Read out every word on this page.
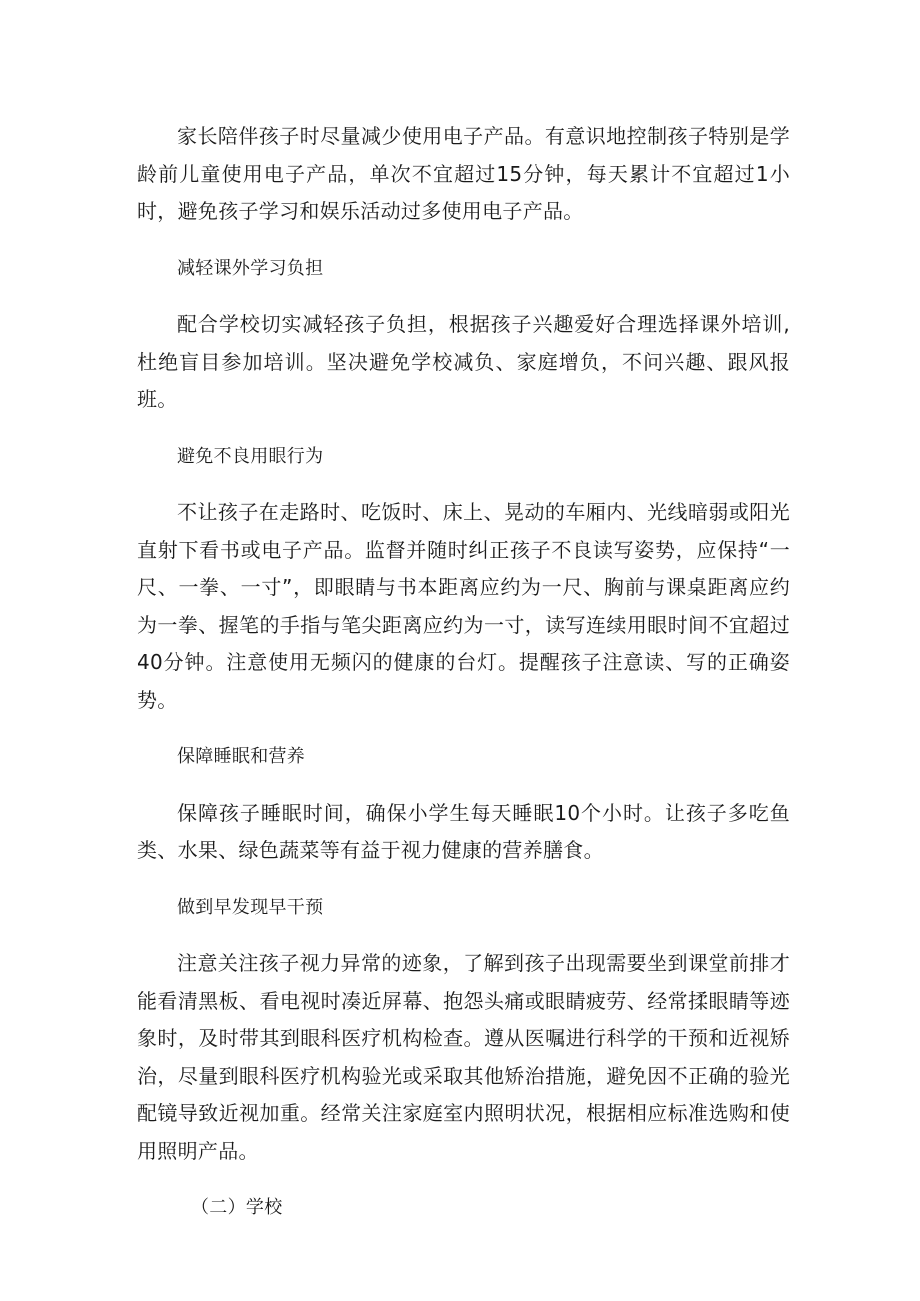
家长陪伴孩子时尽量减少使用电子产品。有意识地控制孩子特别是学龄前儿童使用电子产品，单次不宜超过15分钟，每天累计不宜超过1小时，避免孩子学习和娱乐活动过多使用电子产品。

减轻课外学习负担

配合学校切实减轻孩子负担，根据孩子兴趣爱好合理选择课外培训,杜绝盲目参加培训。坚决避免学校减负、家庭增负，不问兴趣、跟风报班。

避免不良用眼行为

不让孩子在走路时、吃饭时、床上、晃动的车厢内、光线暗弱或阳光直射下看书或电子产品。监督并随时纠正孩子不良读写姿势，应保持“一尺、一拳、一寸”，即眼睛与书本距离应约为一尺、胸前与课桌距离应约为一拳、握笔的手指与笔尖距离应约为一寸，读写连续用眼时间不宜超过40分钟。注意使用无频闪的健康的台灯。提醒孩子注意读、写的正确姿势。

保障睡眠和营养

保障孩子睡眠时间，确保小学生每天睡眠10个小时。让孩子多吃鱼类、水果、绿色蔬菜等有益于视力健康的营养膳食。

做到早发现早干预

注意关注孩子视力异常的迹象，了解到孩子出现需要坐到课堂前排才能看清黑板、看电视时凑近屏幕、抱怨头痛或眼睛疲劳、经常揉眼睛等迹象时，及时带其到眼科医疗机构检查。遵从医嘱进行科学的干预和近视矫治，尽量到眼科医疗机构验光或采取其他矫治措施，避免因不正确的验光配镜导致近视加重。经常关注家庭室内照明状况，根据相应标准选购和使用照明产品。

（二）学校
